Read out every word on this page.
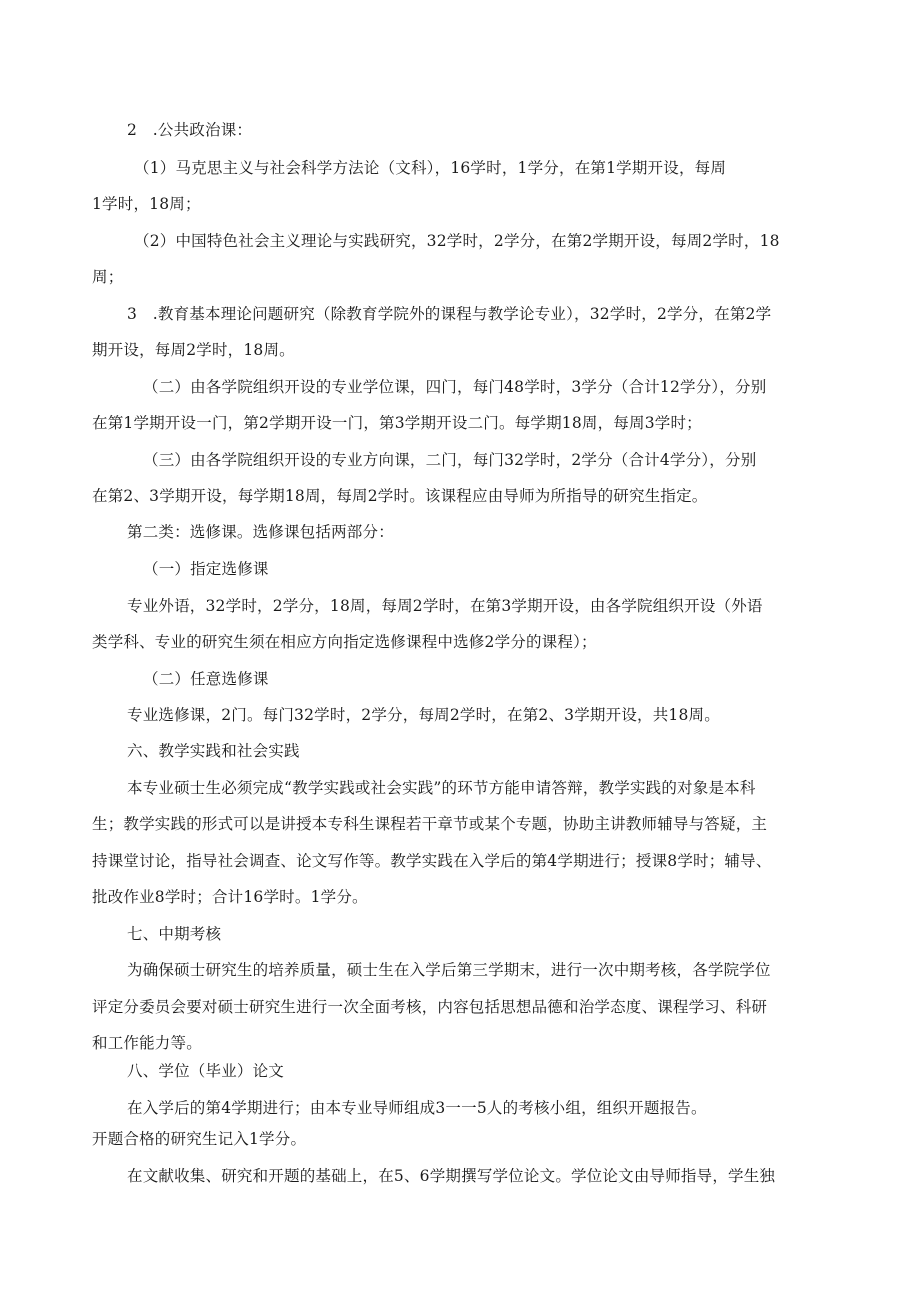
2　.公共政治课：
（1）马克思主义与社会科学方法论（文科），16学时，1学分，在第1学期开设，每周
1学时，18周；
（2）中国特色社会主义理论与实践研究，32学时，2学分，在第2学期开设，每周2学时，18
周；
3　.教育基本理论问题研究（除教育学院外的课程与教学论专业），32学时，2学分，在第2学
期开设，每周2学时，18周。
（二）由各学院组织开设的专业学位课，四门，每门48学时，3学分（合计12学分），分别
在第1学期开设一门，第2学期开设一门，第3学期开设二门。每学期18周，每周3学时；
（三）由各学院组织开设的专业方向课，二门，每门32学时，2学分（合计4学分），分别
在第2、3学期开设，每学期18周，每周2学时。该课程应由导师为所指导的研究生指定。
第二类：选修课。选修课包括两部分：
（一）指定选修课
专业外语，32学时，2学分，18周，每周2学时，在第3学期开设，由各学院组织开设（外语
类学科、专业的研究生须在相应方向指定选修课程中选修2学分的课程）；
（二）任意选修课
专业选修课，2门。每门32学时，2学分，每周2学时，在第2、3学期开设，共18周。
六、教学实践和社会实践
本专业硕士生必须完成“教学实践或社会实践”的环节方能申请答辩，教学实践的对象是本科
生；教学实践的形式可以是讲授本专科生课程若干章节或某个专题，协助主讲教师辅导与答疑，主
持课堂讨论，指导社会调查、论文写作等。教学实践在入学后的第4学期进行；授课8学时；辅导、
批改作业8学时；合计16学时。1学分。
七、中期考核
为确保硕士研究生的培养质量，硕士生在入学后第三学期末，进行一次中期考核，各学院学位
评定分委员会要对硕士研究生进行一次全面考核，内容包括思想品德和治学态度、课程学习、科研
和工作能力等。
八、学位（毕业）论文
在入学后的第4学期进行；由本专业导师组成3一一5人的考核小组，组织开题报告。
开题合格的研究生记入1学分。
在文献收集、研究和开题的基础上，在5、6学期撰写学位论文。学位论文由导师指导，学生独
